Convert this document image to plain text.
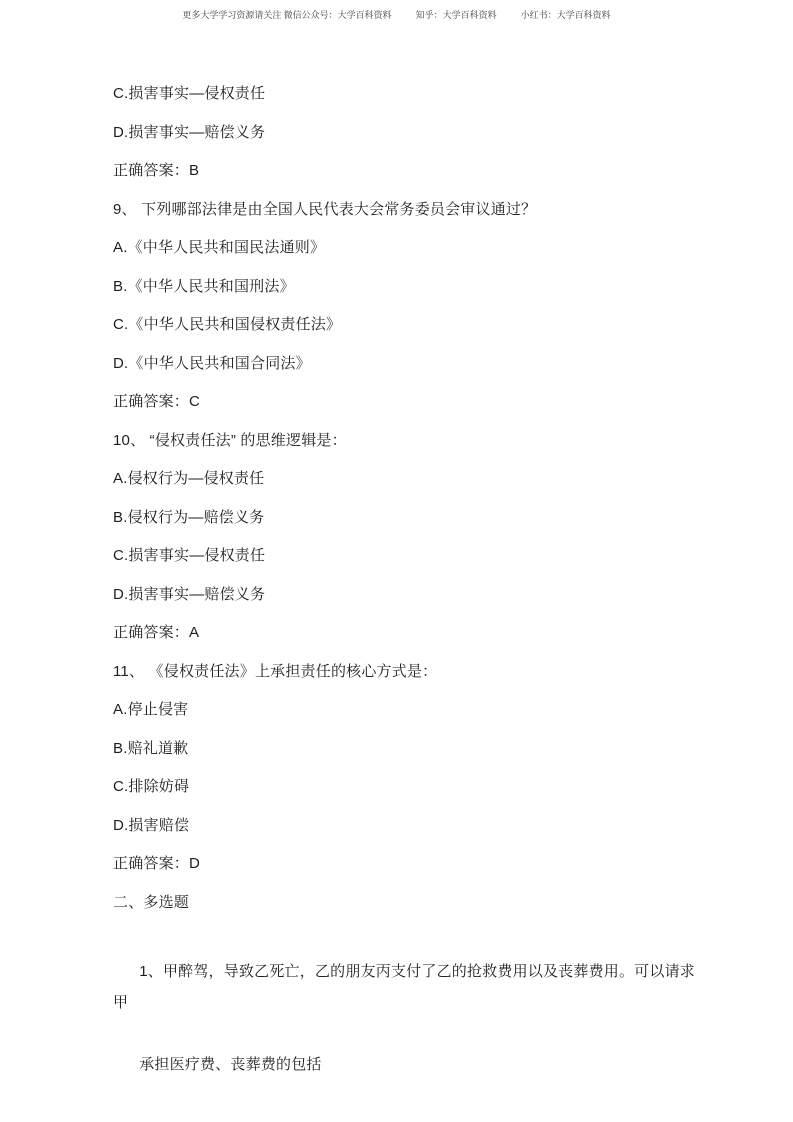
更多大学学习资源请关注 微信公众号：大学百科资料	知乎：大学百科资料	小红书：大学百科资料

C.损害事实—侵权责任

D.损害事实—赔偿义务

正确答案：B

9、 下列哪部法律是由全国人民代表大会常务委员会审议通过？

A.《中华人民共和国民法通则》

B.《中华人民共和国刑法》

C.《中华人民共和国侵权责任法》

D.《中华人民共和国合同法》

正确答案：C

10、 “侵权责任法” 的思维逻辑是：

A.侵权行为—侵权责任

B.侵权行为—赔偿义务

C.损害事实—侵权责任

D.损害事实—赔偿义务

正确答案：A

11、 《侵权责任法》上承担责任的核心方式是：

A.停止侵害

B.赔礼道歉

C.排除妨碍

D.损害赔偿

正确答案：D

二、多选题

1、甲醉驾，导致乙死亡，乙的朋友丙支付了乙的抢救费用以及丧葬费用。可以请求甲

承担医疗费、丧葬费的包括
